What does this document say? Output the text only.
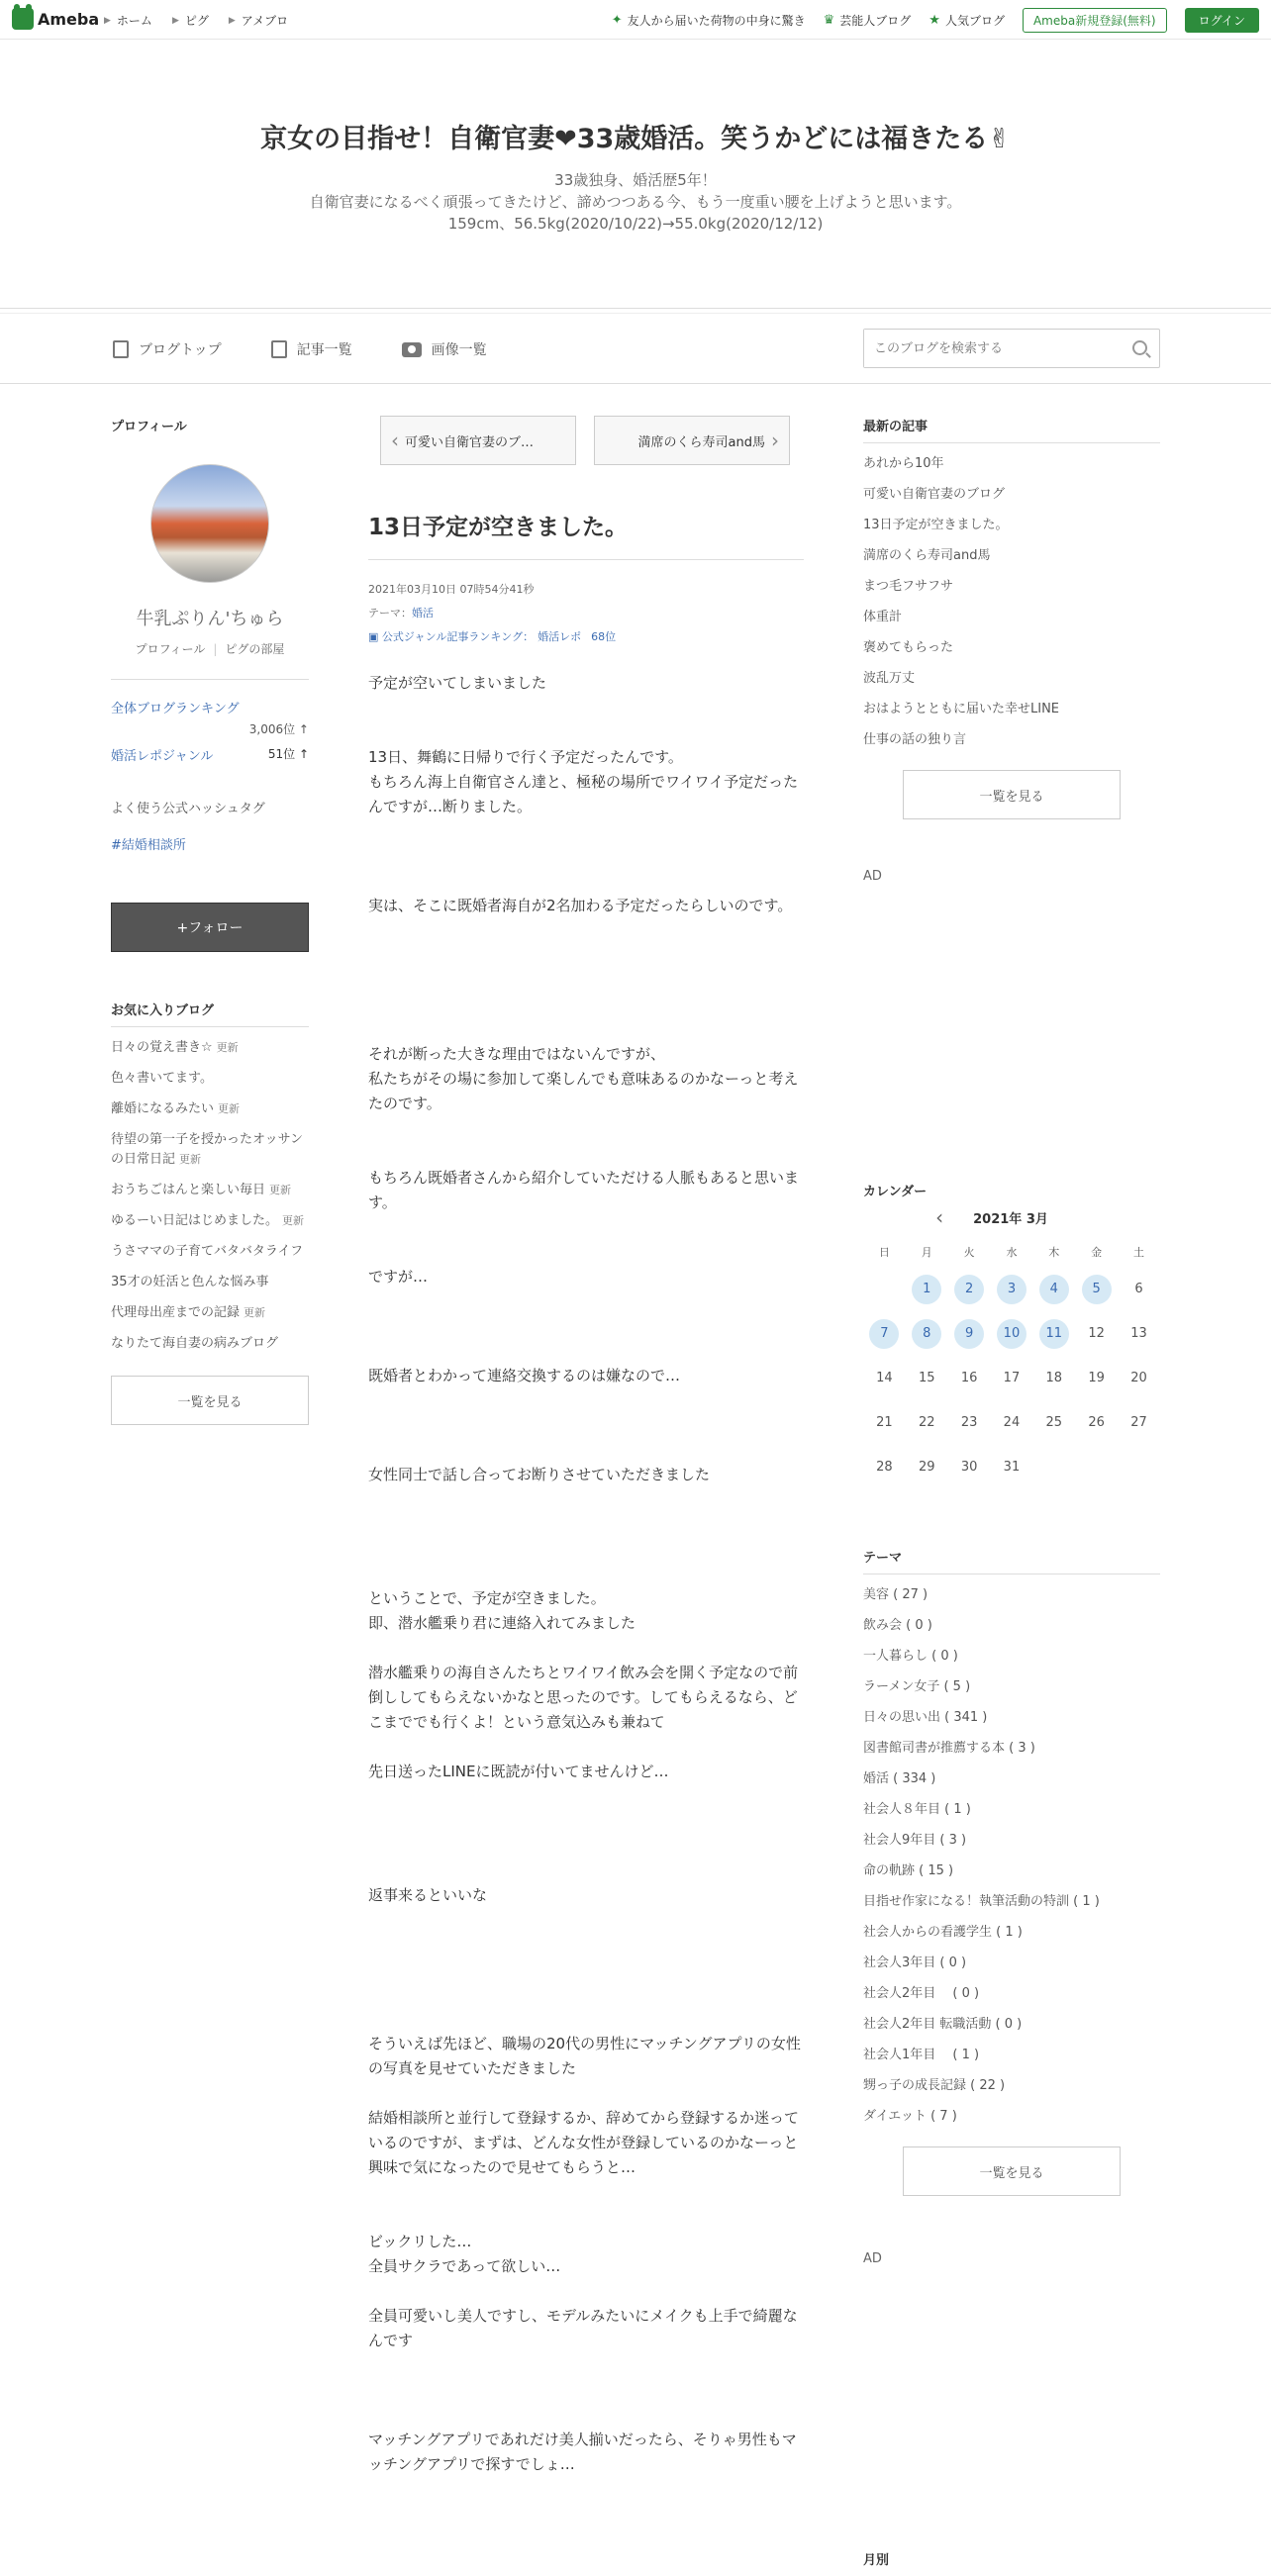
Ameba ▶ ホーム ▶ ピグ ▶ アメブロ	✦ 友人から届いた荷物の中身に驚き ♛ 芸能人ブログ ★ 人気ブログ	Ameba新規登録(無料)	ログイン
京女の目指せ！自衛官妻❤︎33歳婚活。笑うかどには福きたる✌︎
33歳独身、婚活歴5年！
自衛官妻になるべく頑張ってきたけど、諦めつつある今、もう一度重い腰を上げようと思います。
159cm、56.5kg(2020/10/22)→55.0kg(2020/12/12)
ブログトップ	記事一覧	画像一覧
このブログを検索する
プロフィール
牛乳ぷりん'ちゅら
プロフィール | ピグの部屋
全体ブログランキング
3,006位 ↑
婚活レポジャンル	51位 ↑
よく使う公式ハッシュタグ
#結婚相談所
+フォロー
お気に入りブログ
日々の覚え書き☆ 更新
色々書いてます。
離婚になるみたい 更新
待望の第一子を授かったオッサンの日常日記 更新
おうちごはんと楽しい毎日 更新
ゆるーい日記はじめました。 更新
うさママの子育てバタバタライフ
35才の妊活と色んな悩み事
代理母出産までの記録 更新
なりたて海自妻の病みブログ
一覧を見る
‹ 可愛い自衛官妻のブ…	満席のくら寿司and馬 ›
13日予定が空きました。
2021年03月10日 07時54分41秒
テーマ：婚活
▣ 公式ジャンル記事ランキング： 婚活レポ 68位

予定が空いてしまいました

13日、舞鶴に日帰りで行く予定だったんです。

もちろん海上自衛官さん達と、極秘の場所でワイワイ予定だったんですが…断りました。

実は、そこに既婚者海自が2名加わる予定だったらしいのです。

それが断った大きな理由ではないんですが、

私たちがその場に参加して楽しんでも意味あるのかなーっと考えたのです。

もちろん既婚者さんから紹介していただける人脈もあると思います。

ですが…

既婚者とわかって連絡交換するのは嫌なので…

女性同士で話し合ってお断りさせていただきました

ということで、予定が空きました。

即、潜水艦乗り君に連絡入れてみました

潜水艦乗りの海自さんたちとワイワイ飲み会を開く予定なので前倒ししてもらえないかなと思ったのです。してもらえるなら、どこまででも行くよ！という意気込みも兼ねて

先日送ったLINEに既読が付いてませんけど…

返事来るといいな

そういえば先ほど、職場の20代の男性にマッチングアプリの女性の写真を見せていただきました

結婚相談所と並行して登録するか、辞めてから登録するか迷っているのですが、まずは、どんな女性が登録しているのかなーっと興味で気になったので見せてもらうと…

ビックリした…

全員サクラであって欲しい…

全員可愛いし美人ですし、モデルみたいにメイクも上手で綺麗なんです

マッチングアプリであれだけ美人揃いだったら、そりゃ男性もマッチングアプリで探すでしょ…

最新の記事
あれから10年
可愛い自衛官妻のブログ
13日予定が空きました。
満席のくら寿司and馬
まつ毛フサフサ
体重計
褒めてもらった
波乱万丈
おはようとともに届いた幸せLINE
仕事の話の独り言
一覧を見る
AD
カレンダー
‹ 2021年 3月
日	月	火	水	木	金	土
	1	2	3	4	5	6
7	8	9	10	11	12	13
14	15	16	17	18	19	20
21	22	23	24	25	26	27
28	29	30	31			
テーマ
美容 ( 27 )
飲み会 ( 0 )
一人暮らし ( 0 )
ラーメン女子 ( 5 )
日々の思い出 ( 341 )
図書館司書が推薦する本 ( 3 )
婚活 ( 334 )
社会人８年目 ( 1 )
社会人9年目 ( 3 )
命の軌跡 ( 15 )
目指せ作家になる！執筆活動の特訓 ( 1 )
社会人からの看護学生 ( 1 )
社会人3年目 ( 0 )
社会人2年目　 ( 0 )
社会人2年目 転職活動 ( 0 )
社会人1年目　 ( 1 )
甥っ子の成長記録 ( 22 )
ダイエット ( 7 )
一覧を見る
AD
月別
